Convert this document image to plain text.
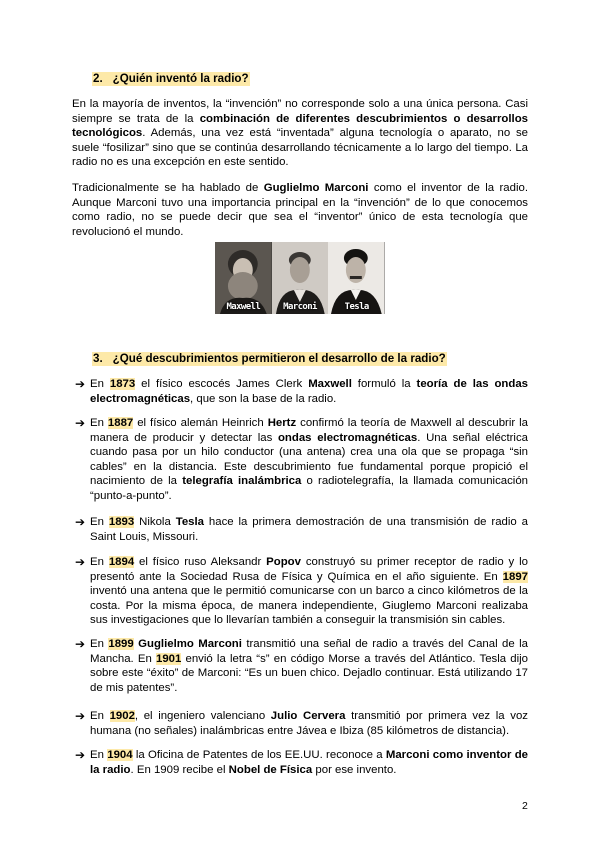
2. ¿Quién inventó la radio?

En la mayoría de inventos, la “invención” no corresponde solo a una única persona. Casi siempre se trata de la combinación de diferentes descubrimientos o desarrollos tecnológicos. Además, una vez está “inventada” alguna tecnología o aparato, no se suele “fosilizar” sino que se continúa desarrollando técnicamente a lo largo del tiempo. La radio no es una excepción en este sentido.

Tradicionalmente se ha hablado de Guglielmo Marconi como el inventor de la radio. Aunque Marconi tuvo una importancia principal en la “invención” de lo que conocemos como radio, no se puede decir que sea el “inventor” único de esta tecnología que revolucionó el mundo.

Maxwell	Marconi	Tesla
3. ¿Qué descubrimientos permitieron el desarrollo de la radio?
➔ En 1873 el físico escocés James Clerk Maxwell formuló la teoría de las ondas electromagnéticas, que son la base de la radio.

➔ En 1887 el físico alemán Heinrich Hertz confirmó la teoría de Maxwell al descubrir la manera de producir y detectar las ondas electromagnéticas. Una señal eléctrica cuando pasa por un hilo conductor (una antena) crea una ola que se propaga “sin cables” en la distancia. Este descubrimiento fue fundamental porque propició el nacimiento de la telegrafía inalámbrica o radiotelegrafía, la llamada comunicación “punto-a-punto”.

➔ En 1893 Nikola Tesla hace la primera demostración de una transmisión de radio a Saint Louis, Missouri.

➔ En 1894 el físico ruso Aleksandr Popov construyó su primer receptor de radio y lo presentó ante la Sociedad Rusa de Física y Química en el año siguiente. En 1897 inventó una antena que le permitió comunicarse con un barco a cinco kilómetros de la costa. Por la misma época, de manera independiente, Giuglemo Marconi realizaba sus investigaciones que lo llevarían también a conseguir la transmisión sin cables.

➔ En 1899 Guglielmo Marconi transmitió una señal de radio a través del Canal de la Mancha. En 1901 envió la letra “s” en código Morse a través del Atlántico. Tesla dijo sobre este “éxito” de Marconi: “Es un buen chico. Dejadlo continuar. Está utilizando 17 de mis patentes”.

➔ En 1902, el ingeniero valenciano Julio Cervera transmitió por primera vez la voz humana (no señales) inalámbricas entre Jávea e Ibiza (85 kilómetros de distancia).

➔ En 1904 la Oficina de Patentes de los EE.UU. reconoce a Marconi como inventor de la radio. En 1909 recibe el Nobel de Física por ese invento.

2
